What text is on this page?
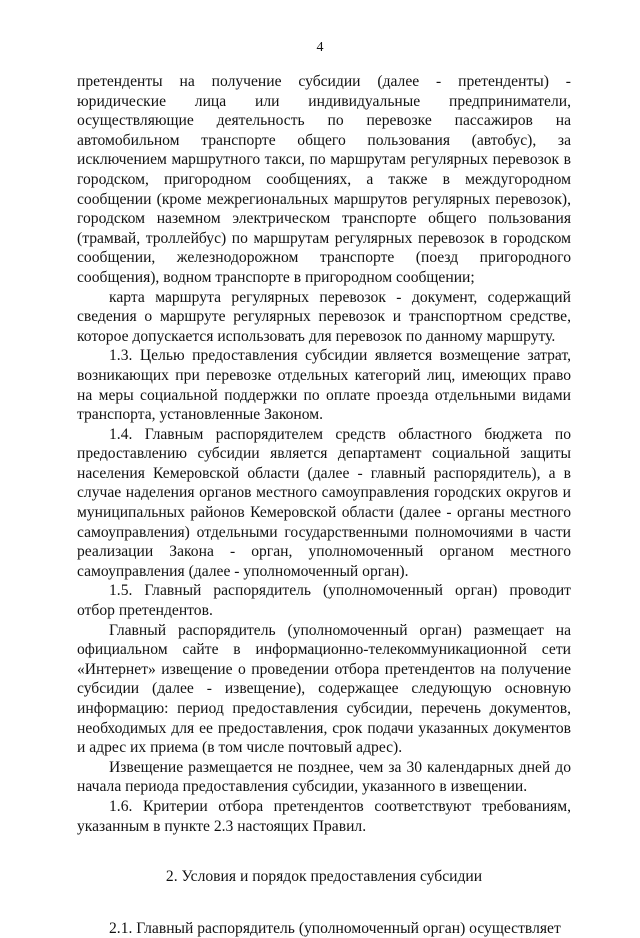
4

претенденты на получение субсидии (далее - претенденты) - юридические лица или индивидуальные предприниматели, осуществляющие деятельность по перевозке пассажиров на автомобильном транспорте общего пользования (автобус), за исключением маршрутного такси, по маршрутам регулярных перевозок в городском, пригородном сообщениях, а также в междугородном сообщении (кроме межрегиональных маршрутов регулярных перевозок), городском наземном электрическом транспорте общего пользования (трамвай, троллейбус) по маршрутам регулярных перевозок в городском сообщении, железнодорожном транспорте (поезд пригородного сообщения), водном транспорте в пригородном сообщении;

карта маршрута регулярных перевозок - документ, содержащий сведения о маршруте регулярных перевозок и транспортном средстве, которое допускается использовать для перевозок по данному маршруту.

1.3. Целью предоставления субсидии является возмещение затрат, возникающих при перевозке отдельных категорий лиц, имеющих право на меры социальной поддержки по оплате проезда отдельными видами транспорта, установленные Законом.

1.4. Главным распорядителем средств областного бюджета по предоставлению субсидии является департамент социальной защиты населения Кемеровской области (далее - главный распорядитель), а в случае наделения органов местного самоуправления городских округов и муниципальных районов Кемеровской области (далее - органы местного самоуправления) отдельными государственными полномочиями в части реализации Закона - орган, уполномоченный органом местного самоуправления (далее - уполномоченный орган).

1.5. Главный распорядитель (уполномоченный орган) проводит отбор претендентов.

Главный распорядитель (уполномоченный орган) размещает на официальном сайте в информационно-телекоммуникационной сети «Интернет» извещение о проведении отбора претендентов на получение субсидии (далее - извещение), содержащее следующую основную информацию: период предоставления субсидии, перечень документов, необходимых для ее предоставления, срок подачи указанных документов и адрес их приема (в том числе почтовый адрес).

Извещение размещается не позднее, чем за 30 календарных дней до начала периода предоставления субсидии, указанного в извещении.

1.6. Критерии отбора претендентов соответствуют требованиям, указанным в пункте 2.3 настоящих Правил.

2. Условия и порядок предоставления субсидии

2.1. Главный распорядитель (уполномоченный орган) осуществляет
